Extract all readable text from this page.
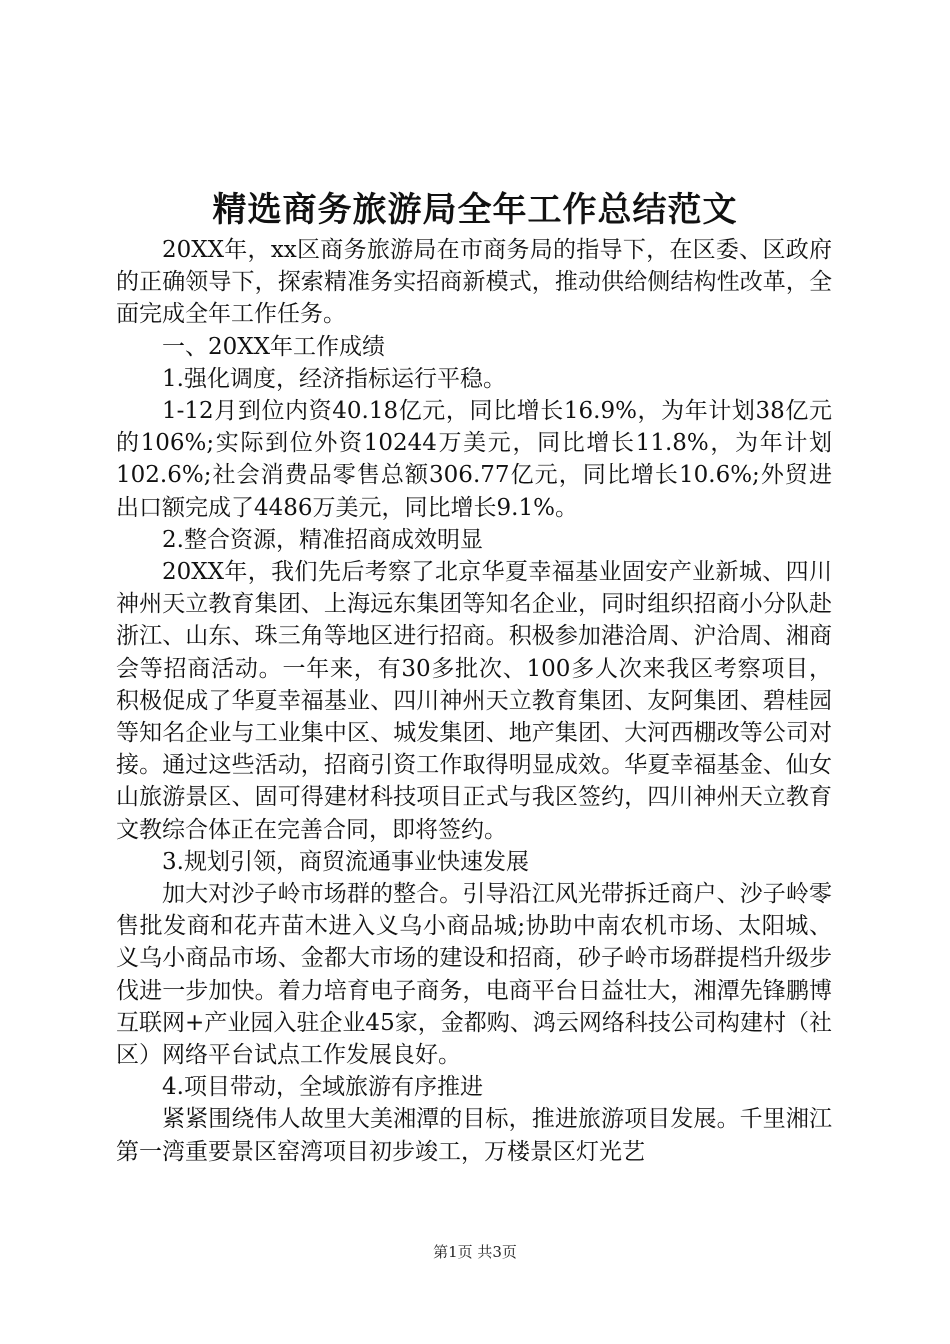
精选商务旅游局全年工作总结范文

20XX年，xx区商务旅游局在市商务局的指导下，在区委、区政府的正确领导下，探索精准务实招商新模式，推动供给侧结构性改革，全面完成全年工作任务。

一、20XX年工作成绩

1.强化调度，经济指标运行平稳。

1-12月到位内资40.18亿元，同比增长16.9%，为年计划38亿元的106%;实际到位外资10244万美元，同比增长11.8%，为年计划102.6%;社会消费品零售总额306.77亿元，同比增长10.6%;外贸进出口额完成了4486万美元，同比增长9.1%。

2.整合资源，精准招商成效明显

20XX年，我们先后考察了北京华夏幸福基业固安产业新城、四川神州天立教育集团、上海远东集团等知名企业，同时组织招商小分队赴浙江、山东、珠三角等地区进行招商。积极参加港洽周、沪洽周、湘商会等招商活动。一年来，有30多批次、100多人次来我区考察项目，积极促成了华夏幸福基业、四川神州天立教育集团、友阿集团、碧桂园等知名企业与工业集中区、城发集团、地产集团、大河西棚改等公司对接。通过这些活动，招商引资工作取得明显成效。华夏幸福基金、仙女山旅游景区、固可得建材科技项目正式与我区签约，四川神州天立教育文教综合体正在完善合同，即将签约。

3.规划引领，商贸流通事业快速发展

加大对沙子岭市场群的整合。引导沿江风光带拆迁商户、沙子岭零售批发商和花卉苗木进入义乌小商品城;协助中南农机市场、太阳城、义乌小商品市场、金都大市场的建设和招商，砂子岭市场群提档升级步伐进一步加快。着力培育电子商务，电商平台日益壮大，湘潭先锋鹏博互联网+产业园入驻企业45家，金都购、鸿云网络科技公司构建村（社区）网络平台试点工作发展良好。

4.项目带动，全域旅游有序推进

紧紧围绕伟人故里大美湘潭的目标，推进旅游项目发展。千里湘江第一湾重要景区窑湾项目初步竣工，万楼景区灯光艺

第1页 共3页
